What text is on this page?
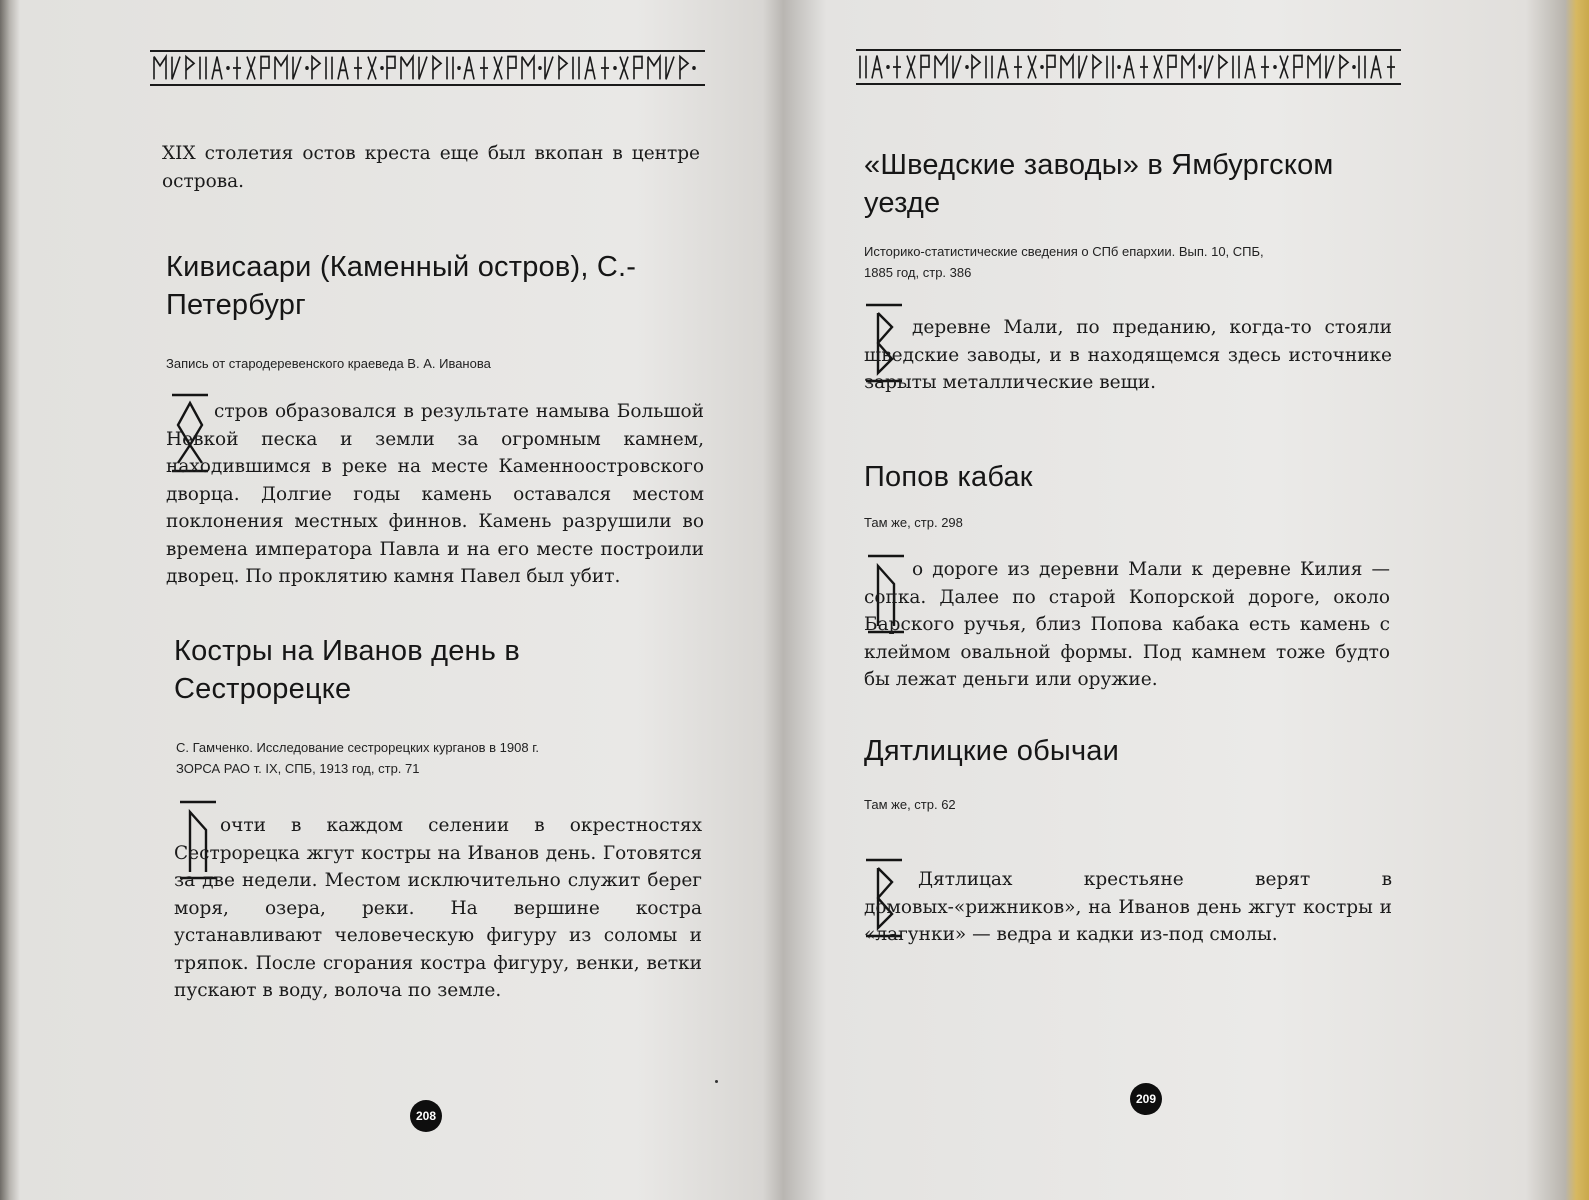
XIX столетия остов креста еще был вкопан в центре острова.
Кивисаари (Каменный остров), С.-Петербург
Запись от стародеревенского краеведа В. А. Иванова
стров образовался в результате намыва Большой Невкой песка и земли за огромным камнем, находившимся в реке на месте Каменноостровского дворца. Долгие годы камень оставался местом поклонения местных финнов. Камень разрушили во времена императора Павла и на его месте построили дворец. По проклятию камня Павел был убит.
Костры на Иванов день в Сестрорецке
С. Гамченко. Исследование сестрорецких курганов в 1908 г. ЗОРСА РАО т. IX, СПБ, 1913 год, стр. 71
очти в каждом селении в окрестностях Сестрорецка жгут костры на Иванов день. Готовятся за две недели. Местом исключительно служит берег моря, озера, реки. На вершине костра устанавливают человеческую фигуру из соломы и тряпок. После сгорания костра фигуру, венки, ветки пускают в воду, волоча по земле.
208
«Шведские заводы» в Ямбургском уезде
Историко-статистические сведения о СПб епархии. Вып. 10, СПБ, 1885 год, стр. 386
деревне Мали, по преданию, когда-то стояли шведские заводы, и в находящемся здесь источнике зарыты металлические вещи.
Попов кабак
Там же, стр. 298
о дороге из деревни Мали к деревне Килия — сопка. Далее по старой Копорской дороге, около Барского ручья, близ Попова кабака есть камень с клеймом овальной формы. Под камнем тоже будто бы лежат деньги или оружие.
Дятлицкие обычаи
Там же, стр. 62
Дятлицах крестьяне верят в домовых-«рижников», на Иванов день жгут костры и «лагунки» — ведра и кадки из-под смолы.
209
